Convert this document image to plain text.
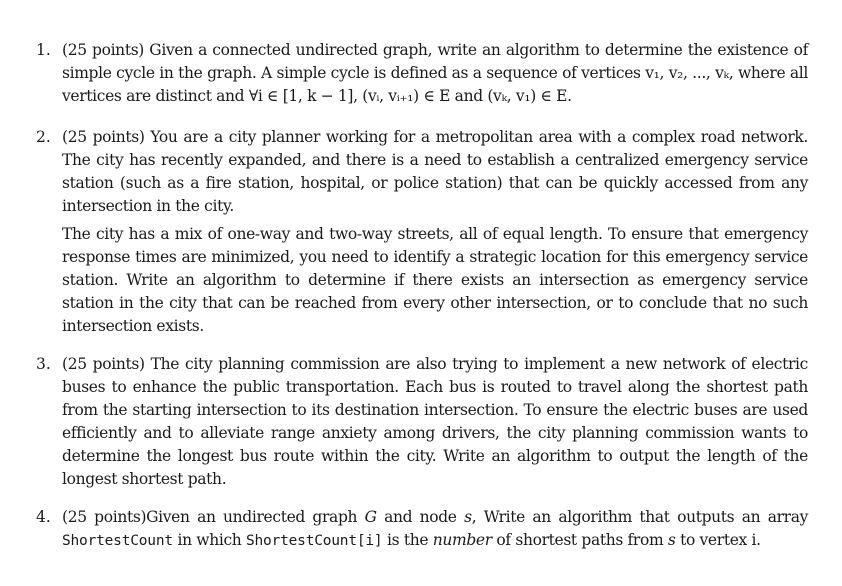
1. (25 points) Given a connected undirected graph, write an algorithm to determine the existence of simple cycle in the graph. A simple cycle is defined as a sequence of vertices v₁, v₂, ..., vₖ, where all vertices are distinct and ∀i ∈ [1, k − 1], (vᵢ, vᵢ₊₁) ∈ E and (vₖ, v₁) ∈ E.
2. (25 points) You are a city planner working for a metropolitan area with a complex road network. The city has recently expanded, and there is a need to establish a centralized emergency service station (such as a fire station, hospital, or police station) that can be quickly accessed from any intersection in the city.
The city has a mix of one-way and two-way streets, all of equal length. To ensure that emergency response times are minimized, you need to identify a strategic location for this emergency service station. Write an algorithm to determine if there exists an intersection as emergency service station in the city that can be reached from every other intersection, or to conclude that no such intersection exists.
3. (25 points) The city planning commission are also trying to implement a new network of electric buses to enhance the public transportation. Each bus is routed to travel along the shortest path from the starting intersection to its destination intersection. To ensure the electric buses are used efficiently and to alleviate range anxiety among drivers, the city planning commission wants to determine the longest bus route within the city. Write an algorithm to output the length of the longest shortest path.
4. (25 points)Given an undirected graph G and node s, Write an algorithm that outputs an array ShortestCount in which ShortestCount[i] is the number of shortest paths from s to vertex i.
